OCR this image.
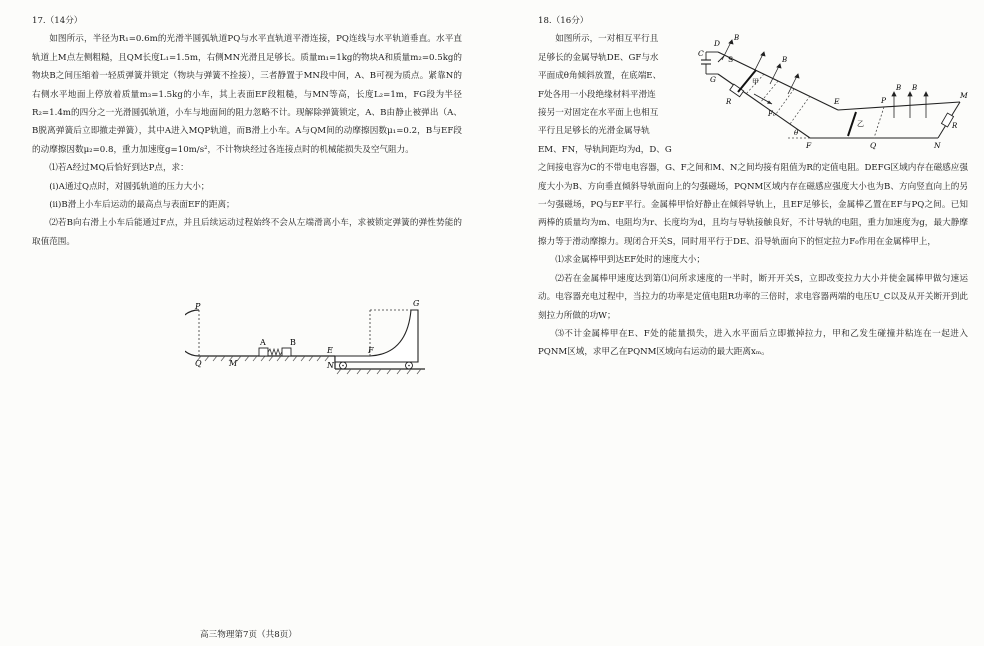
17.（14分）

如图所示，半径为R₁=0.6m的光滑半圆弧轨道PQ与水平直轨道平滑连接，PQ连线与水平轨道垂直。水平直轨道上M点左侧粗糙，且QM长度L₁=1.5m，右侧MN光滑且足够长。质量m₁=1kg的物块A和质量m₂=0.5kg的物块B之间压缩着一轻质弹簧并锁定（物块与弹簧不拴接），三者静置于MN段中间，A、B可视为质点。紧靠N的右侧水平地面上停放着质量m₃=1.5kg的小车，其上表面EF段粗糙，与MN等高，长度L₂=1m，FG段为半径R₂=1.4m的四分之一光滑圆弧轨道，小车与地面间的阻力忽略不计。现解除弹簧锁定，A、B由静止被弹出（A、B脱离弹簧后立即撤走弹簧），其中A进入MQP轨道，而B滑上小车。A与QM间的动摩擦因数μ₁=0.2，B与EF段的动摩擦因数μ₂=0.8，重力加速度g=10m/s²，不计物块经过各连接点时的机械能损失及空气阻力。

⑴若A经过MQ后恰好到达P点，求：

(i)A通过Q点时，对圆弧轨道的压力大小；

(ii)B滑上小车后运动的最高点与表面EF的距离；

⑵若B向右滑上小车后能通过F点，并且后续运动过程始终不会从左端滑离小车，求被锁定弹簧的弹性势能的取值范围。

P
Q	M
A	B
E
N
F
G
18.（16分）
如图所示，一对相互平行且
足够长的金属导轨DE、GF与水
平面成θ角倾斜放置，在底端E、
F处各用一小段绝缘材料平滑连
接另一对固定在水平面上也相互
平行且足够长的光滑金属导轨
EM、FN，导轨间距均为d，D、G

之间接电容为C的不带电电容器，G、F之间和M、N之间均接有阻值为R的定值电阻。DEFG区域内存在磁感应强度大小为B、方向垂直倾斜导轨面向上的匀强磁场，PQNM区域内存在磁感应强度大小也为B、方向竖直向上的另一匀强磁场，PQ与EF平行。金属棒甲恰好静止在倾斜导轨上，且EF足够长，金属棒乙置在EF与PQ之间。已知两棒的质量均为m、电阻均为r、长度均为d，且均与导轨接触良好，不计导轨的电阻，重力加速度为g，最大静摩擦力等于滑动摩擦力。现闭合开关S，同时用平行于DE、沿导轨面向下的恒定拉力F₀作用在金属棒甲上，

⑴求金属棒甲到达EF处时的速度大小；

⑵若在金属棒甲速度达到第⑴问所求速度的一半时，断开开关S，立即改变拉力大小并使金属棒甲做匀速运动。电容器充电过程中，当拉力的功率是定值电阻R功率的三倍时，求电容器两端的电压U_C以及从开关断开到此刻拉力所做的功W；

⑶不计金属棒甲在E、F处的能量损失，进入水平面后立即撤掉拉力，甲和乙发生碰撞并粘连在一起进入PQNM区域，求甲乙在PQNM区域向右运动的最大距离xₘ。

D
C
G
S
B
B
B B
甲
F₀
R	E
乙
P
M
R
θ
F	Q	N
高三物理第7页（共8页）
